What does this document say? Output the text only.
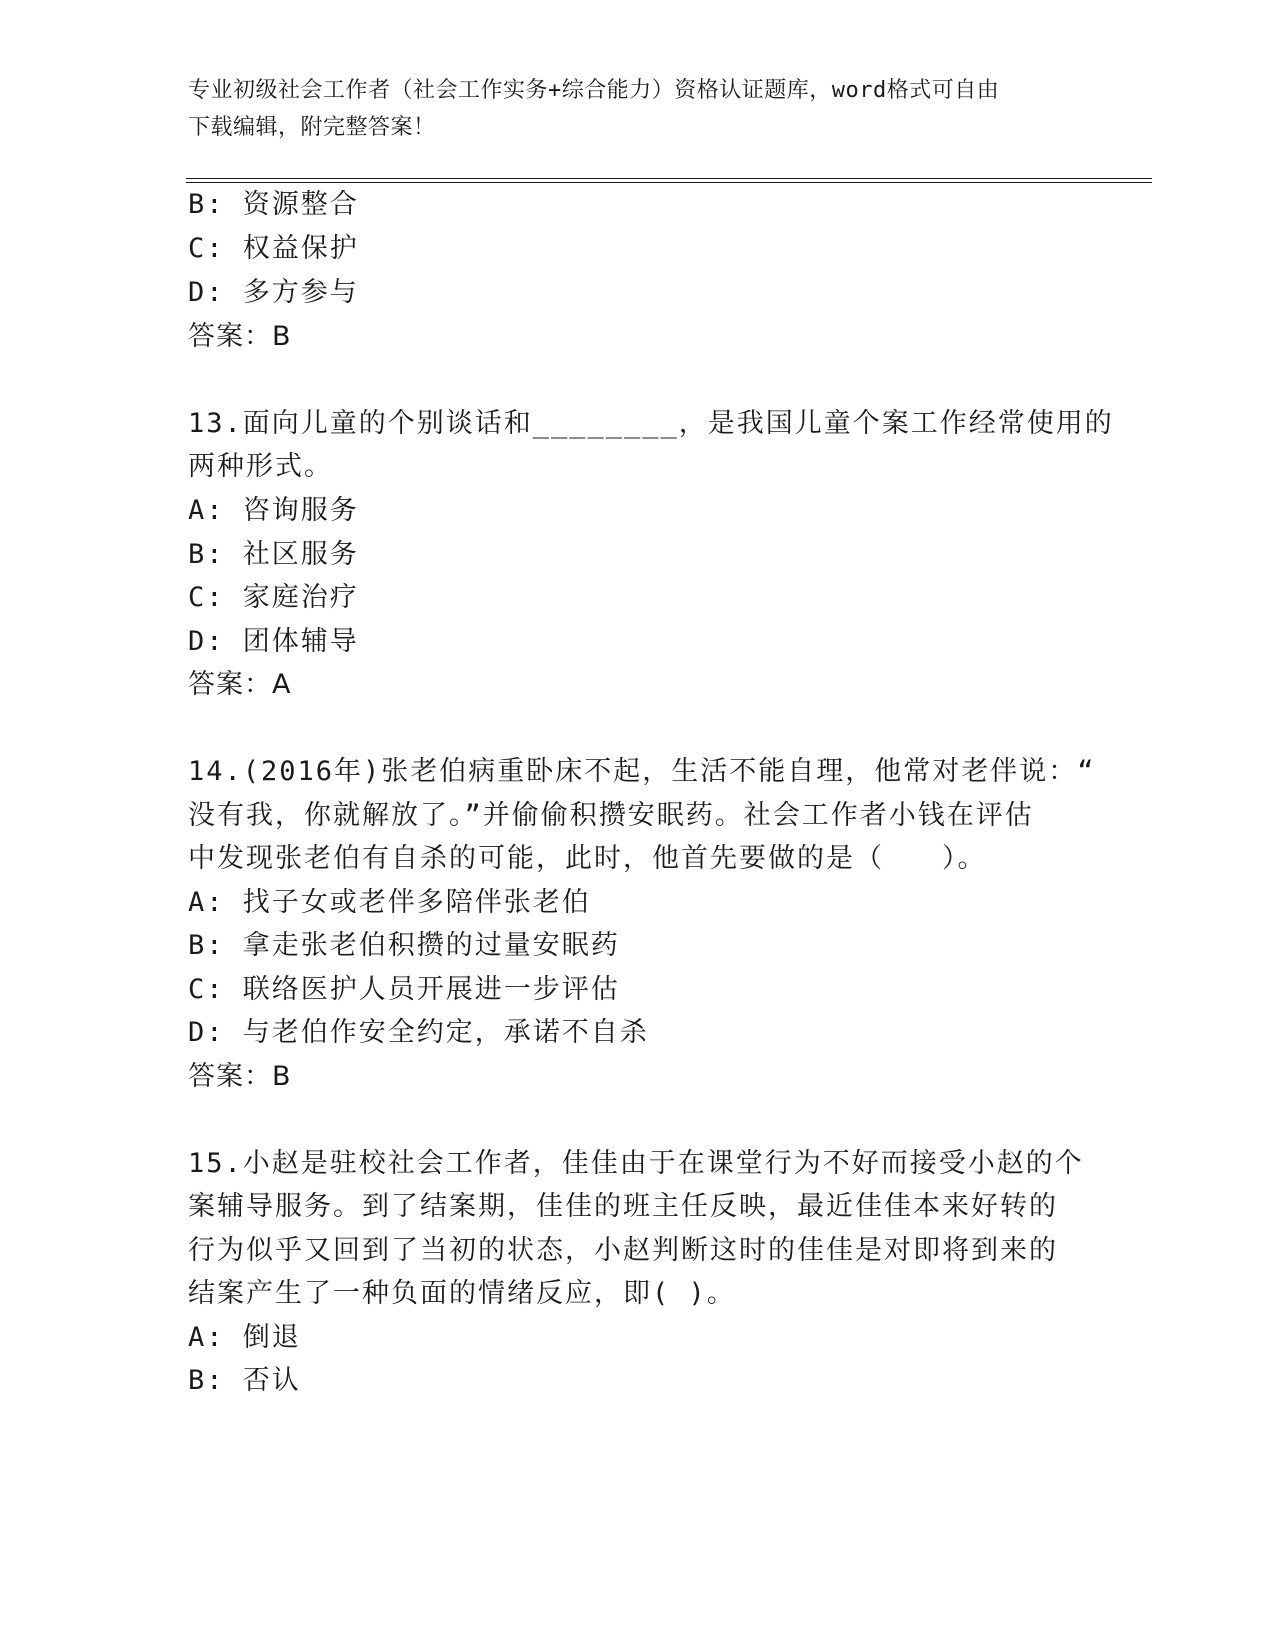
专业初级社会工作者（社会工作实务+综合能力）资格认证题库，word格式可自由
下载编辑，附完整答案！
B: 资源整合
C: 权益保护
D: 多方参与
答案：B
13.面向儿童的个别谈话和________，是我国儿童个案工作经常使用的
两种形式。
A: 咨询服务
B: 社区服务
C: 家庭治疗
D: 团体辅导
答案：A
14.(2016年)张老伯病重卧床不起，生活不能自理，他常对老伴说：“
没有我，你就解放了。”并偷偷积攒安眠药。社会工作者小钱在评估
中发现张老伯有自杀的可能，此时，他首先要做的是（　　）。
A: 找子女或老伴多陪伴张老伯
B: 拿走张老伯积攒的过量安眠药
C: 联络医护人员开展进一步评估
D: 与老伯作安全约定，承诺不自杀
答案：B
15.小赵是驻校社会工作者，佳佳由于在课堂行为不好而接受小赵的个
案辅导服务。到了结案期，佳佳的班主任反映，最近佳佳本来好转的
行为似乎又回到了当初的状态，小赵判断这时的佳佳是对即将到来的
结案产生了一种负面的情绪反应，即( )。
A: 倒退
B: 否认
